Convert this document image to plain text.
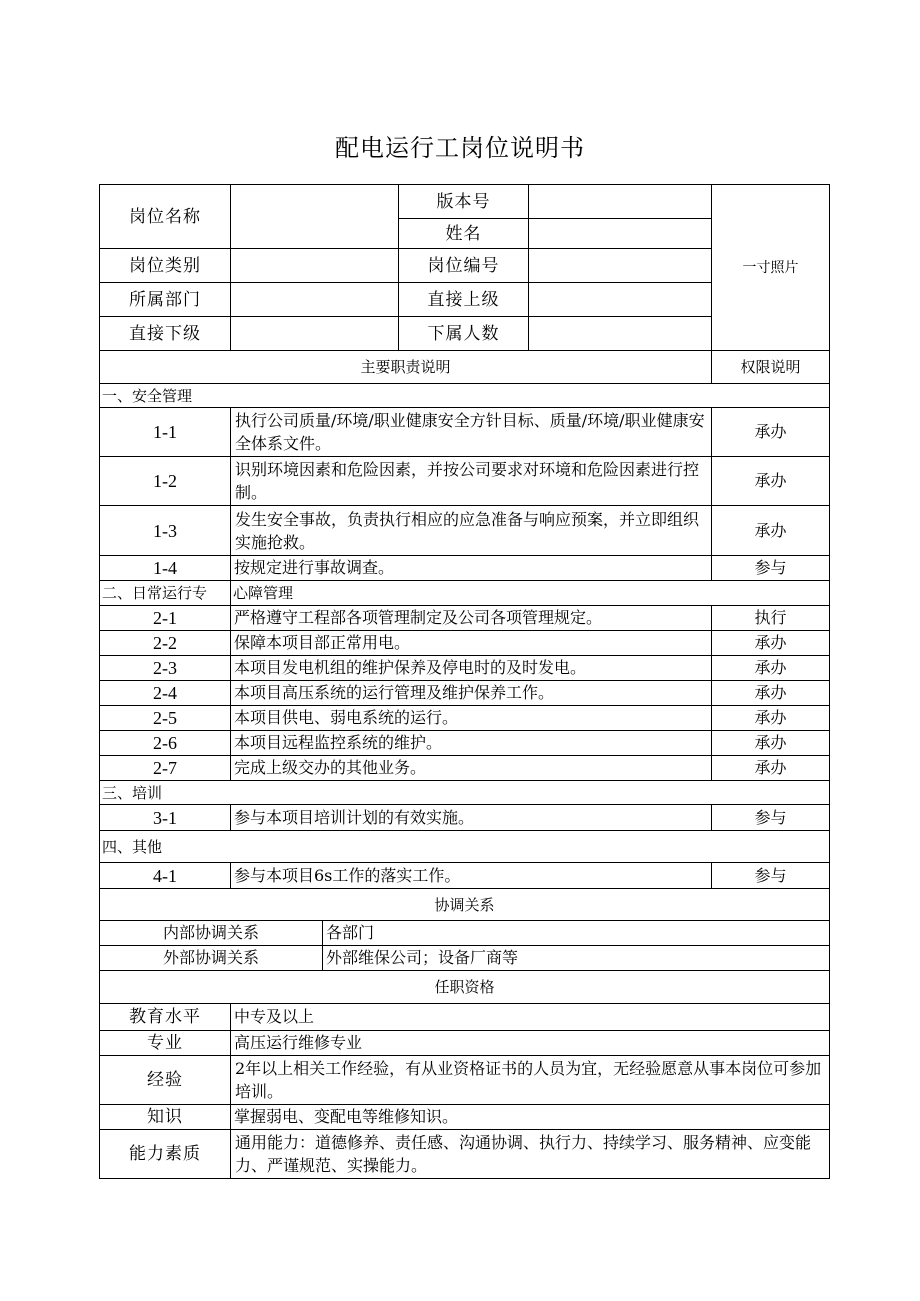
配电运行工岗位说明书
岗位名称			版本号		一寸照片
			姓名		
岗位类别			岗位编号		
所属部门			直接上级		
直接下级			下属人数		
主要职责说明					权限说明
一、安全管理					
1-1	执行公司质量/环境/职业健康安全方针目标、质量/环境/职业健康安全体系文件。				承办
1-2	识别环境因素和危险因素，并按公司要求对环境和危险因素进行控制。				承办
1-3	发生安全事故，负责执行相应的应急准备与响应预案，并立即组织实施抢救。				承办
1-4	按规定进行事故调查。				参与
二、日常运行专	心障管理				
2-1	严格遵守工程部各项管理制定及公司各项管理规定。				执行
2-2	保障本项目部正常用电。				承办
2-3	本项目发电机组的维护保养及停电时的及时发电。				承办
2-4	本项目高压系统的运行管理及维护保养工作。				承办
2-5	本项目供电、弱电系统的运行。				承办
2-6	本项目远程监控系统的维护。				承办
2-7	完成上级交办的其他业务。				承办
三、培训					
3-1	参与本项目培训计划的有效实施。				参与
四、其他					
4-1	参与本项目6s工作的落实工作。				参与
协调关系					
内部协调关系		各部门			
外部协调关系		外部维保公司；设备厂商等			
任职资格					
教育水平	中专及以上				
专业	高压运行维修专业				
经验	2年以上相关工作经验，有从业资格证书的人员为宜，无经验愿意从事本岗位可参加培训。				
知识	掌握弱电、变配电等维修知识。				
能力素质	通用能力：道德修养、责任感、沟通协调、执行力、持续学习、服务精神、应变能力、严谨规范、实操能力。				
